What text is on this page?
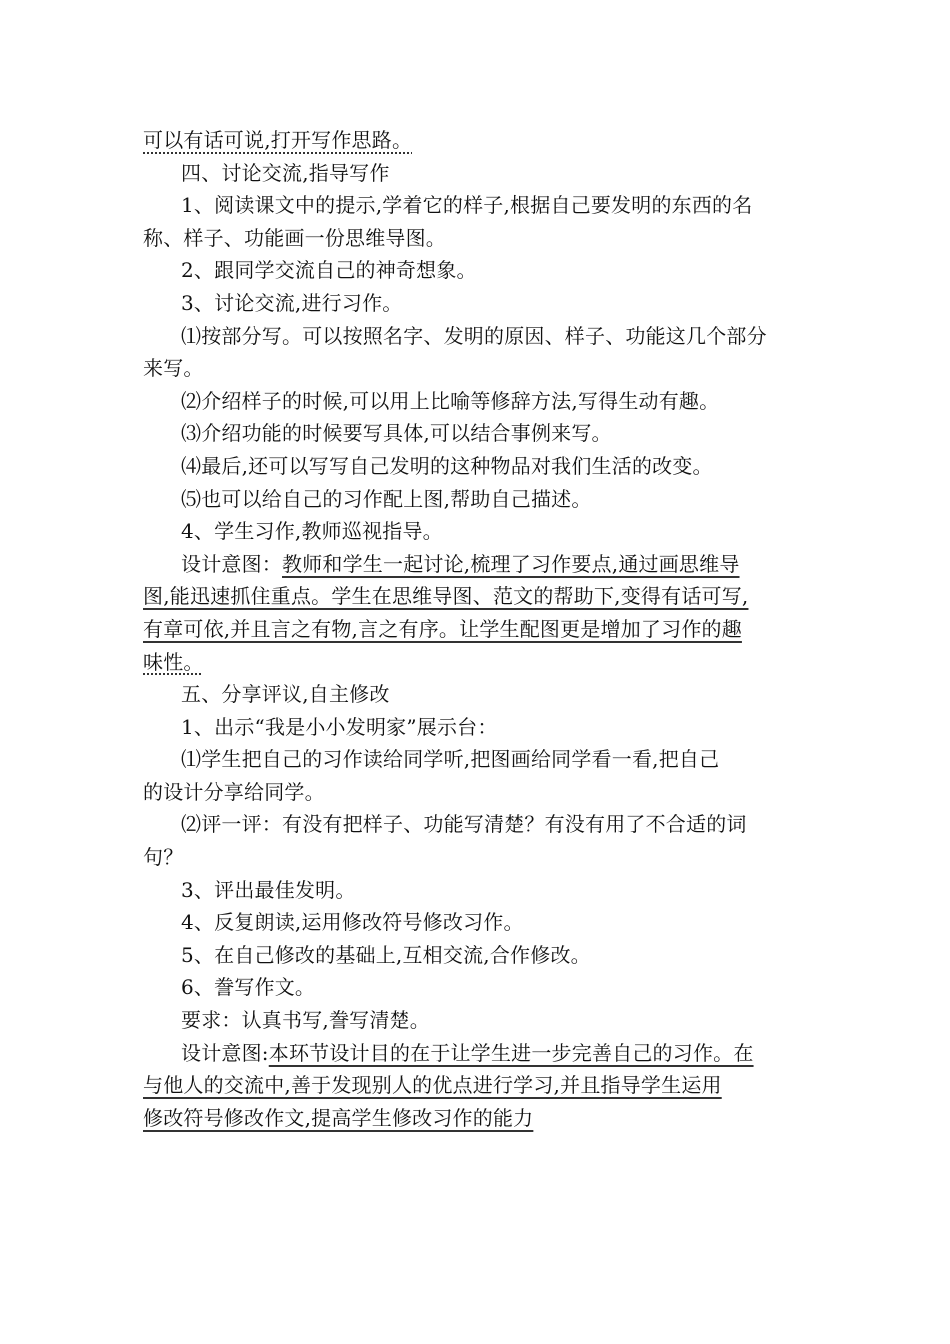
可以有话可说,打开写作思路。
四、讨论交流,指导写作
1、阅读课文中的提示,学着它的样子,根据自己要发明的东西的名
称、样子、功能画一份思维导图。
2、跟同学交流自己的神奇想象。
3、讨论交流,进行习作。
⑴按部分写。可以按照名字、发明的原因、样子、功能这几个部分
来写。
⑵介绍样子的时候,可以用上比喻等修辞方法,写得生动有趣。
⑶介绍功能的时候要写具体,可以结合事例来写。
⑷最后,还可以写写自己发明的这种物品对我们生活的改变。
⑸也可以给自己的习作配上图,帮助自己描述。
4、学生习作,教师巡视指导。
设计意图：教师和学生一起讨论,梳理了习作要点,通过画思维导
图,能迅速抓住重点。学生在思维导图、范文的帮助下,变得有话可写,
有章可依,并且言之有物,言之有序。让学生配图更是增加了习作的趣
味性。
五、分享评议,自主修改
1、出示“我是小小发明家”展示台：
⑴学生把自己的习作读给同学听,把图画给同学看一看,把自己
的设计分享给同学。
⑵评一评：有没有把样子、功能写清楚？有没有用了不合适的词
句？
3、评出最佳发明。
4、反复朗读,运用修改符号修改习作。
5、在自己修改的基础上,互相交流,合作修改。
6、誊写作文。
要求：认真书写,誊写清楚。
设计意图:本环节设计目的在于让学生进一步完善自己的习作。在
与他人的交流中,善于发现别人的优点进行学习,并且指导学生运用
修改符号修改作文,提高学生修改习作的能力
